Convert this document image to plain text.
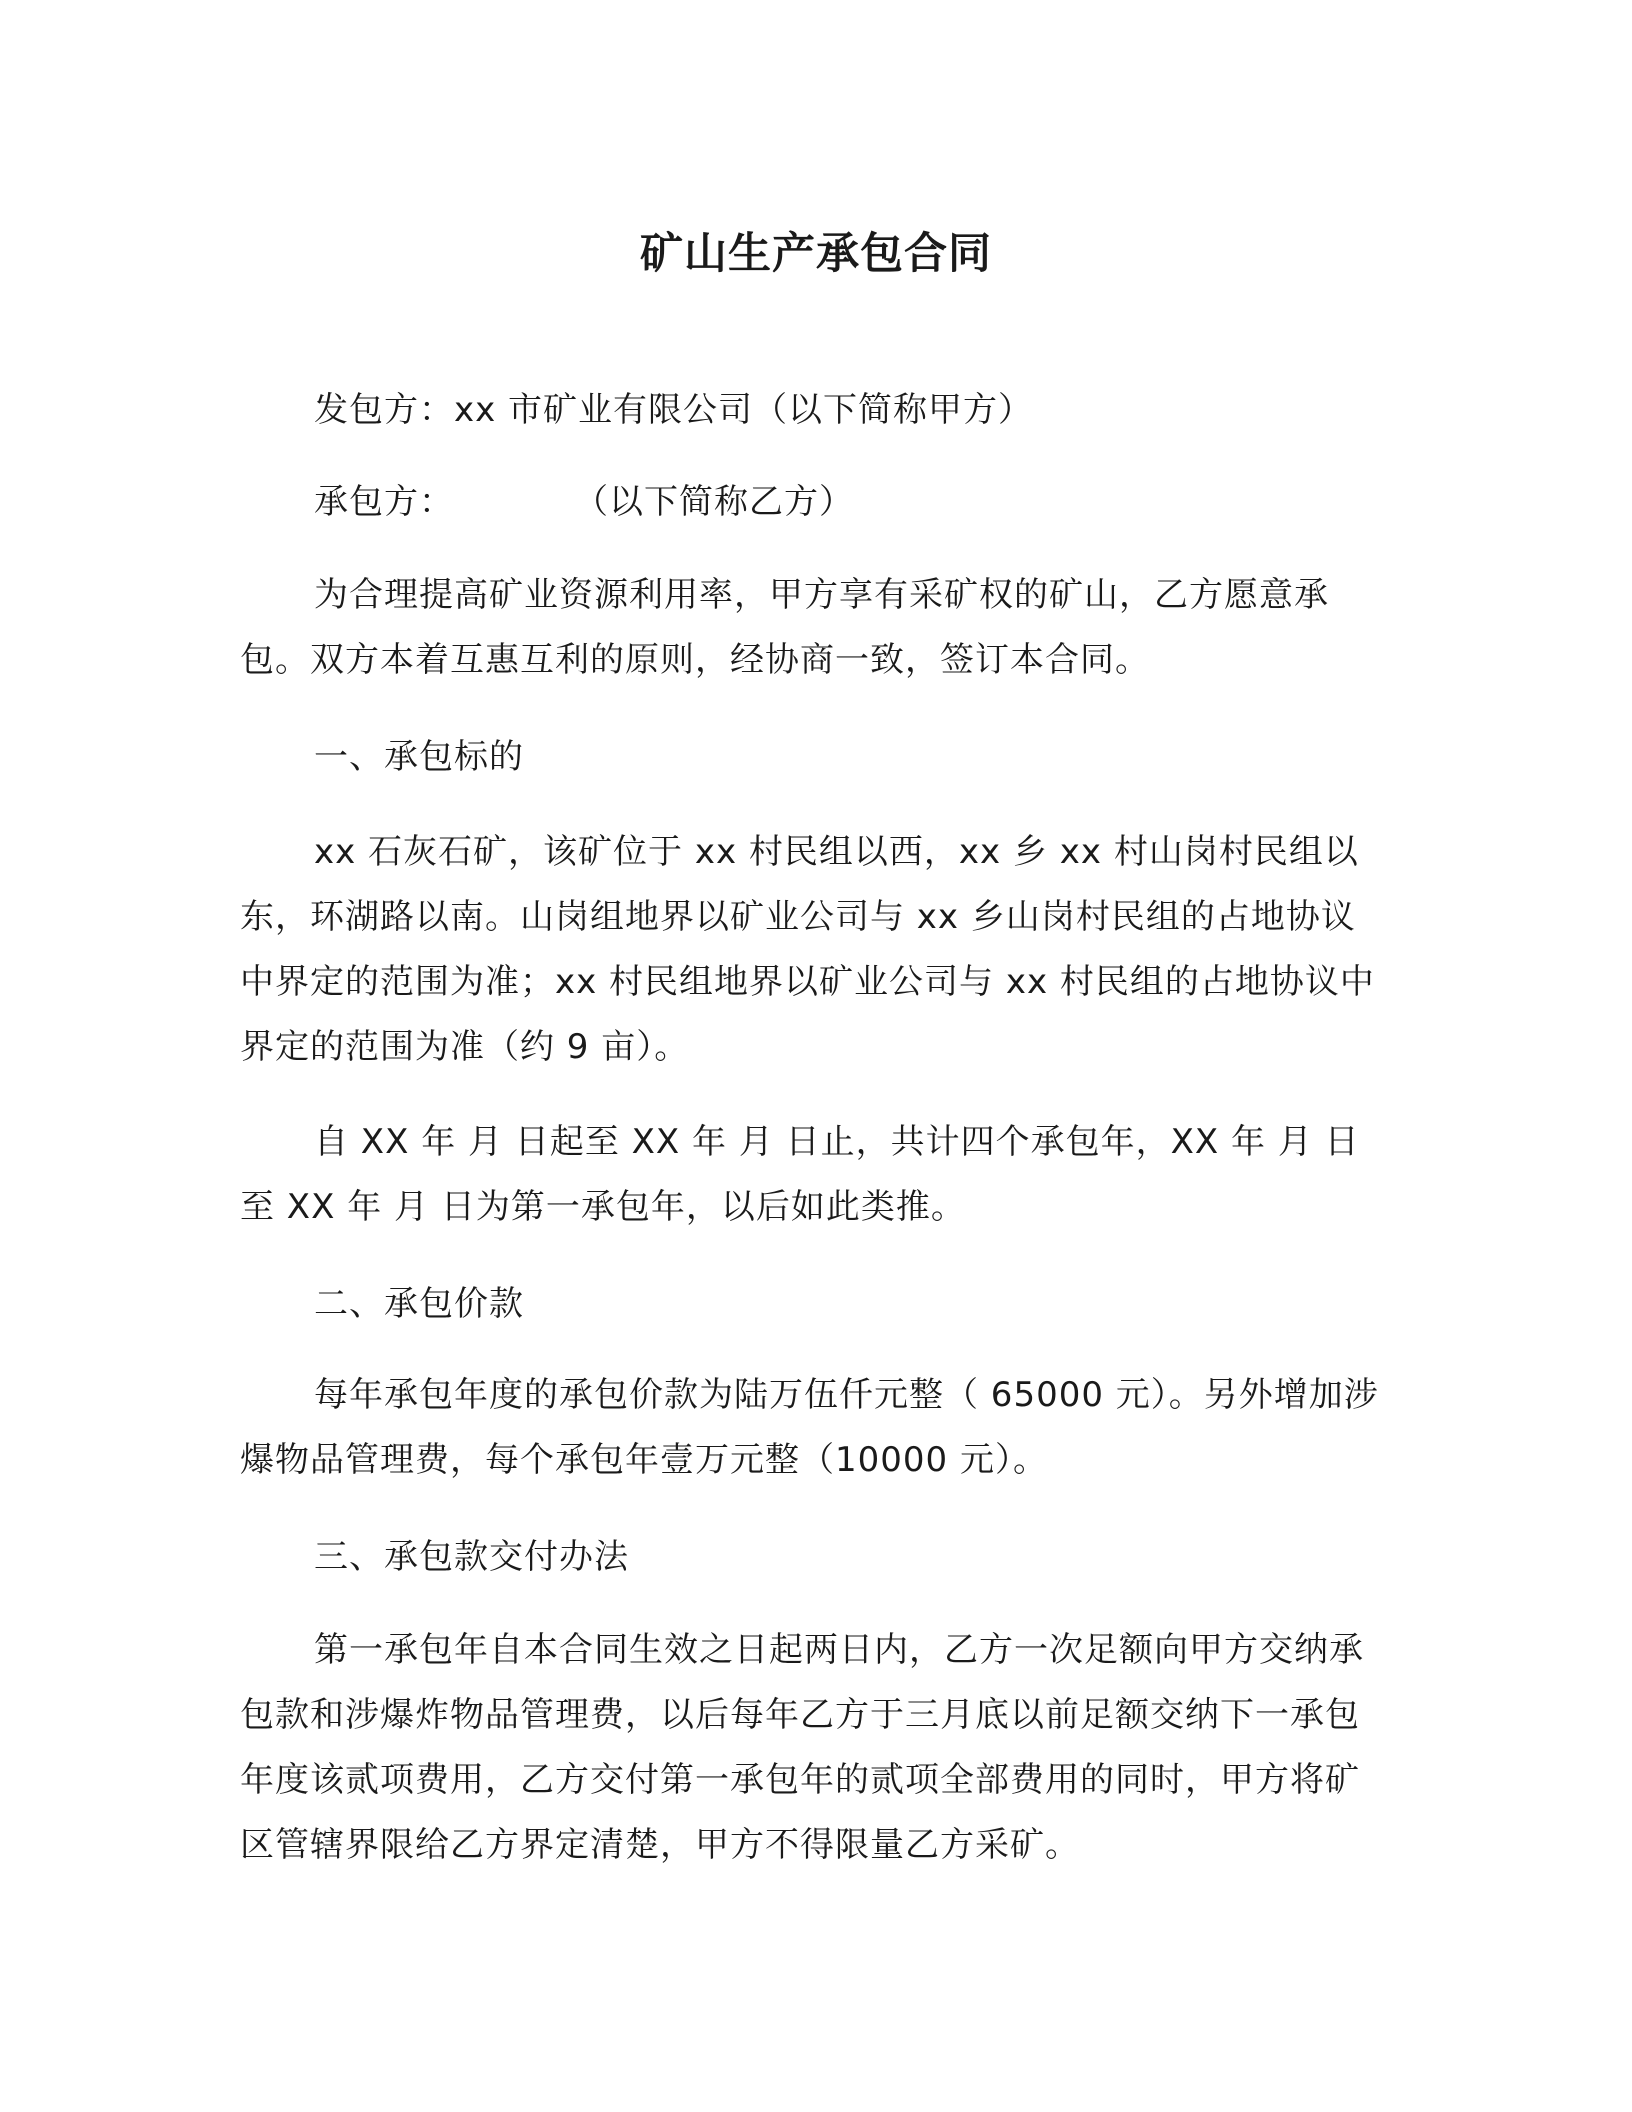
矿山生产承包合同

发包方：xx 市矿业有限公司（以下简称甲方）

承包方：	（以下简称乙方）

为合理提高矿业资源利用率，甲方享有采矿权的矿山，乙方愿意承包。双方本着互惠互利的原则，经协商一致，签订本合同。

一、承包标的

xx 石灰石矿，该矿位于 xx 村民组以西，xx 乡 xx 村山岗村民组以东，环湖路以南。山岗组地界以矿业公司与 xx 乡山岗村民组的占地协议中界定的范围为准；xx 村民组地界以矿业公司与 xx 村民组的占地协议中界定的范围为准（约 9 亩）。

自 XX 年 月 日起至 XX 年 月 日止，共计四个承包年，XX 年 月 日至 XX 年 月 日为第一承包年，以后如此类推。

二、承包价款

每年承包年度的承包价款为陆万伍仟元整（ 65000 元）。另外增加涉爆物品管理费，每个承包年壹万元整（10000 元）。

三、承包款交付办法

第一承包年自本合同生效之日起两日内，乙方一次足额向甲方交纳承包款和涉爆炸物品管理费，以后每年乙方于三月底以前足额交纳下一承包年度该贰项费用，乙方交付第一承包年的贰项全部费用的同时，甲方将矿区管辖界限给乙方界定清楚，甲方不得限量乙方采矿。
